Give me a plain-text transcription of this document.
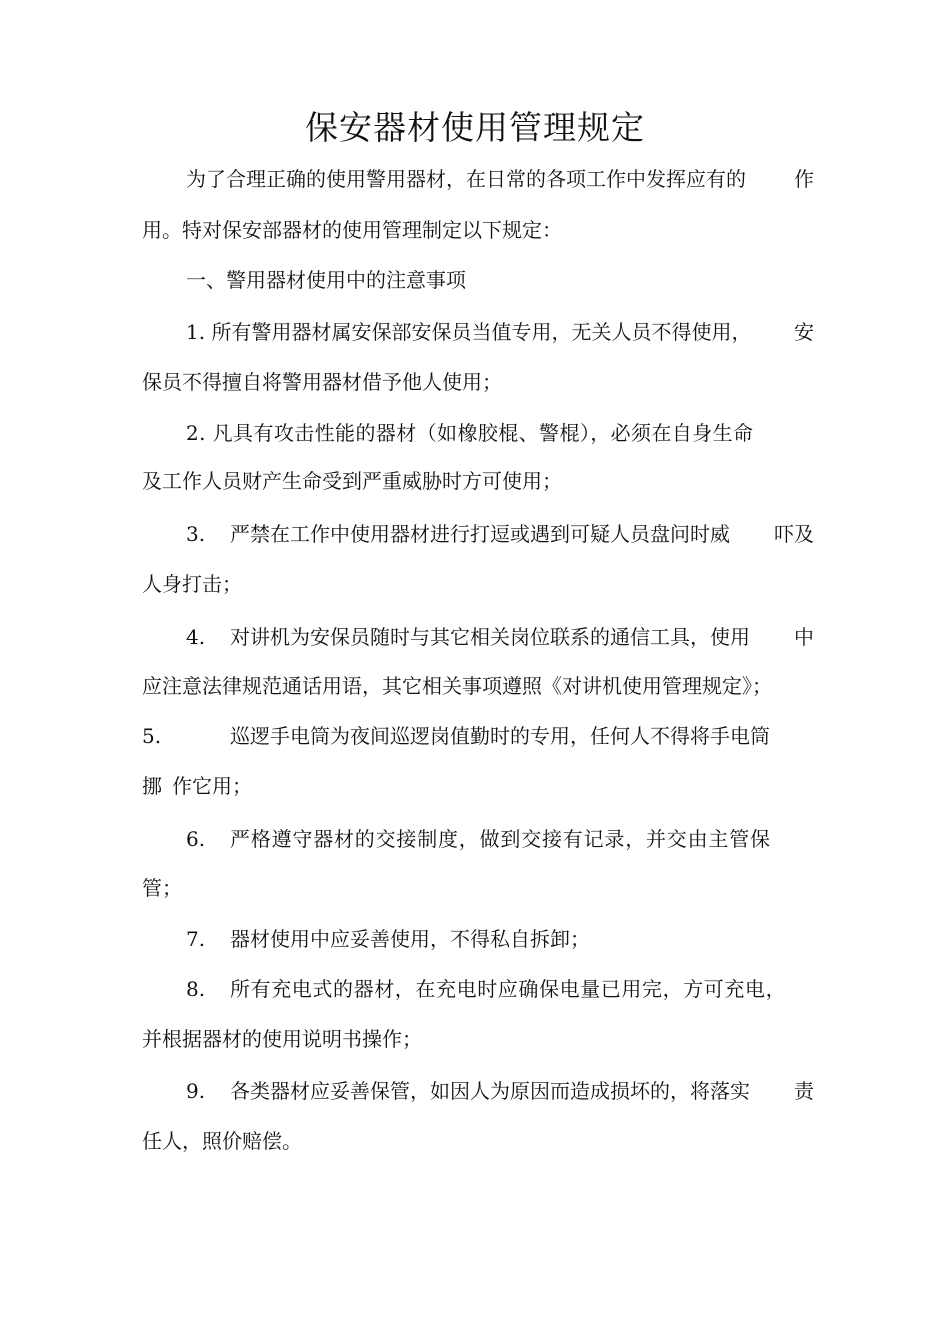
保安器材使用管理规定
为了合理正确的使用警用器材，在日常的各项工作中发挥应有的 作
用。特对保安部器材的使用管理制定以下规定：
一、警用器材使用中的注意事项
1. 所有警用器材属安保部安保员当值专用，无关人员不得使用， 安
保员不得擅自将警用器材借予他人使用；
2. 凡具有攻击性能的器材（如橡胶棍、警棍），必须在自身生命
及工作人员财产生命受到严重威胁时方可使用；
3.	严禁在工作中使用器材进行打逗或遇到可疑人员盘问时威 吓及
人身打击；
4.	对讲机为安保员随时与其它相关岗位联系的通信工具，使用 中
应注意法律规范通话用语，其它相关事项遵照《对讲机使用管理规定》；
5.	巡逻手电筒为夜间巡逻岗值勤时的专用，任何人不得将手电筒
挪 作它用；
6.	严格遵守器材的交接制度，做到交接有记录，并交由主管保
管；
7. 器材使用中应妥善使用，不得私自拆卸；
8. 所有充电式的器材，在充电时应确保电量已用完，方可充电，
并根据器材的使用说明书操作；
9.	各类器材应妥善保管，如因人为原因而造成损坏的，将落实 责
任人，照价赔偿。
